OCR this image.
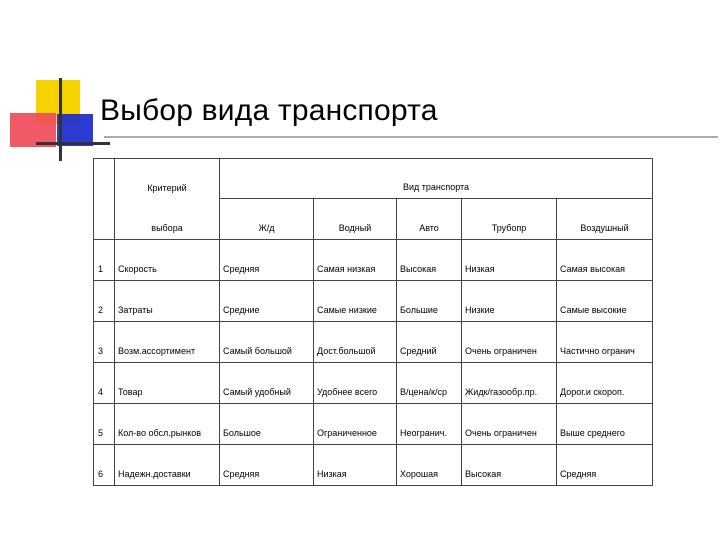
Выбор вида транспорта
	Критерий	Вид транспорта				
	выбора	Ж/д	Водный	Авто	Трубопр	Воздушный
1	Скорость	Средняя	Самая низкая	Высокая	Низкая	Самая высокая
2	Затраты	Средние	Самые низкие	Большие	Низкие	Самые высокие
3	Возм.ассортимент	Самый большой	Дост.большой	Средний	Очень ограничен	Частично огранич
4	Товар	Самый удобный	Удобнее всего	В/цена/к/ср	Жидк/газообр.пр.	Дорог.и скороп.
5	Кол-во обсл.рынков	Большое	Ограниченное	Неогранич.	Очень ограничен	Выше среднего
6	Надежн.доставки	Средняя	Низкая	Хорошая	Высокая	Средняя
